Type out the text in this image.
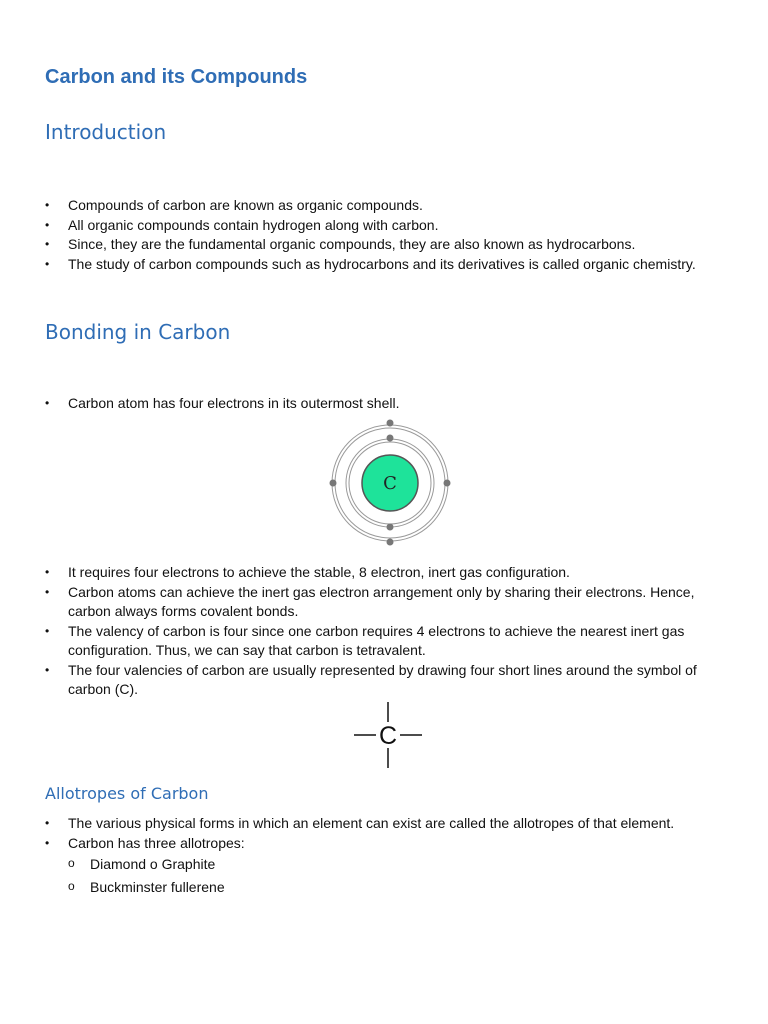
Carbon and its Compounds
Introduction
• Compounds of carbon are known as organic compounds.
• All organic compounds contain hydrogen along with carbon.
• Since, they are the fundamental organic compounds, they are also known as hydrocarbons.
• The study of carbon compounds such as hydrocarbons and its derivatives is called organic chemistry.
Bonding in Carbon
• Carbon atom has four electrons in its outermost shell.
C
• It requires four electrons to achieve the stable, 8 electron, inert gas configuration.
• Carbon atoms can achieve the inert gas electron arrangement only by sharing their electrons. Hence, carbon always forms covalent bonds.
• The valency of carbon is four since one carbon requires 4 electrons to achieve the nearest inert gas configuration. Thus, we can say that carbon is tetravalent.
• The four valencies of carbon are usually represented by drawing four short lines around the symbol of carbon (C).
C
Allotropes of Carbon
• The various physical forms in which an element can exist are called the allotropes of that element.
• Carbon has three allotropes:
o Diamond o Graphite
o Buckminster fullerene
